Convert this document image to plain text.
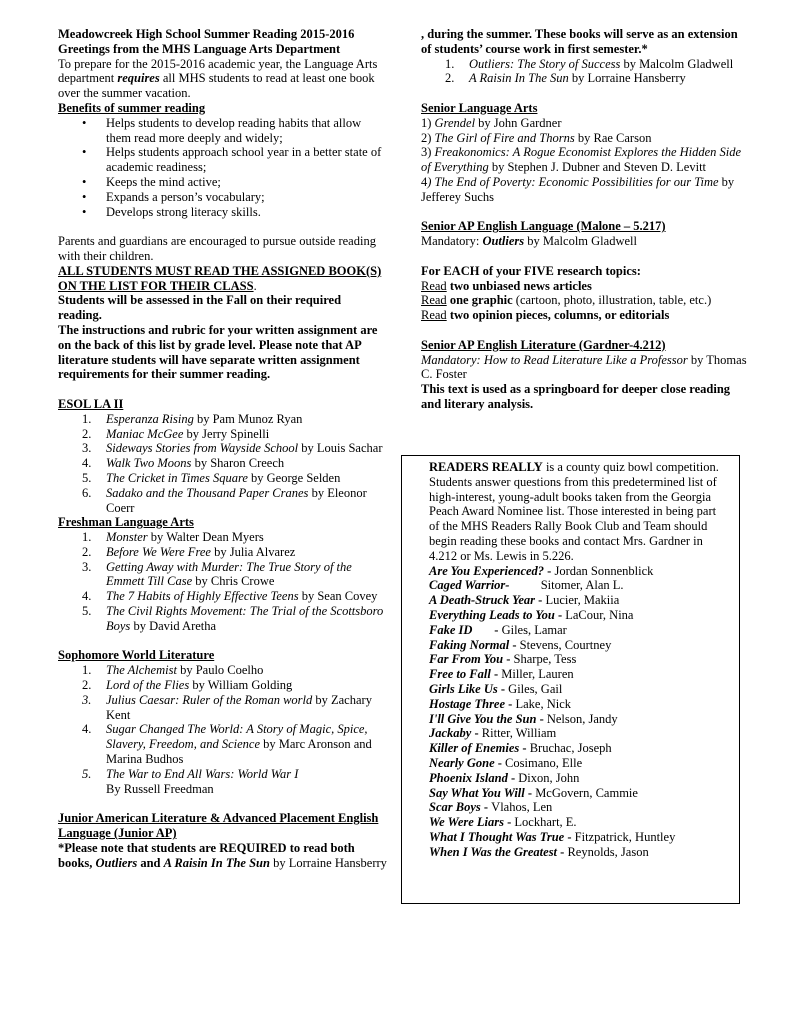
Meadowcreek High School Summer Reading 2015-2016

Greetings from the MHS Language Arts Department

To prepare for the 2015-2016 academic year, the Language Arts department requires all MHS students to read at least one book over the summer vacation.

Benefits of summer reading

• Helps students to develop reading habits that allow them read more deeply and widely;
• Helps students approach school year in a better state of academic readiness;
• Keeps the mind active;
• Expands a person’s vocabulary;
• Develops strong literacy skills.

Parents and guardians are encouraged to pursue outside reading with their children.

ALL STUDENTS MUST READ THE ASSIGNED BOOK(S) ON THE LIST FOR THEIR CLASS.

Students will be assessed in the Fall on their required reading.

The instructions and rubric for your written assignment are on the back of this list by grade level. Please note that AP literature students will have separate written assignment requirements for their summer reading.

ESOL LA II

1. Esperanza Rising by Pam Munoz Ryan
2. Maniac McGee by Jerry Spinelli
3. Sideways Stories from Wayside School by Louis Sachar
4. Walk Two Moons by Sharon Creech
5. The Cricket in Times Square by George Selden
6. Sadako and the Thousand Paper Cranes by Eleonor Coerr

Freshman Language Arts

1. Monster by Walter Dean Myers
2. Before We Were Free by Julia Alvarez
3. Getting Away with Murder: The True Story of the Emmett Till Case by Chris Crowe
4. The 7 Habits of Highly Effective Teens by Sean Covey
5. The Civil Rights Movement: The Trial of the Scottsboro Boys by David Aretha

Sophomore World Literature

1. The Alchemist by Paulo Coelho
2. Lord of the Flies by William Golding
3. Julius Caesar: Ruler of the Roman world by Zachary Kent
4. Sugar Changed The World: A Story of Magic, Spice, Slavery, Freedom, and Science by Marc Aronson and Marina Budhos
5. The War to End All Wars: World War I
By Russell Freedman

Junior American Literature & Advanced Placement English Language (Junior AP)

*Please note that students are REQUIRED to read both books, Outliers and A Raisin In The Sun by Lorraine Hansberry

, during the summer. These books will serve as an extension of students’ course work in first semester.*

1. Outliers: The Story of Success by Malcolm Gladwell
2. A Raisin In The Sun by Lorraine Hansberry

Senior Language Arts

1) Grendel by John Gardner

2) The Girl of Fire and Thorns by Rae Carson

3) Freakonomics: A Rogue Economist Explores the Hidden Side of Everything by Stephen J. Dubner and Steven D. Levitt

4) The End of Poverty: Economic Possibilities for our Time by Jefferey Suchs

Senior AP English Language (Malone – 5.217)

Mandatory: Outliers by Malcolm Gladwell

For EACH of your FIVE research topics:

Read two unbiased news articles

Read one graphic (cartoon, photo, illustration, table, etc.)

Read two opinion pieces, columns, or editorials

Senior AP English Literature (Gardner-4.212)

Mandatory: How to Read Literature Like a Professor by Thomas C. Foster

This text is used as a springboard for deeper close reading and literary analysis.

READERS REALLY is a county quiz bowl competition. Students answer questions from this predetermined list of high-interest, young-adult books taken from the Georgia Peach Award Nominee list. Those interested in being part of the MHS Readers Rally Book Club and Team should begin reading these books and contact Mrs. Gardner in 4.212 or Ms. Lewis in 5.226.

Are You Experienced? - Jordan Sonnenblick

Caged Warrior-	Sitomer, Alan L.

A Death-Struck Year - Lucier, Makiia

Everything Leads to You - LaCour, Nina

Fake ID       - Giles, Lamar

Faking Normal - Stevens, Courtney

Far From You - Sharpe, Tess

Free to Fall - Miller, Lauren

Girls Like Us - Giles, Gail

Hostage Three - Lake, Nick

I'll Give You the Sun - Nelson, Jandy

Jackaby - Ritter, William

Killer of Enemies - Bruchac, Joseph

Nearly Gone - Cosimano, Elle

Phoenix Island - Dixon, John

Say What You Will - McGovern, Cammie

Scar Boys - Vlahos, Len

We Were Liars - Lockhart, E.

What I Thought Was True - Fitzpatrick, Huntley

When I Was the Greatest - Reynolds, Jason
